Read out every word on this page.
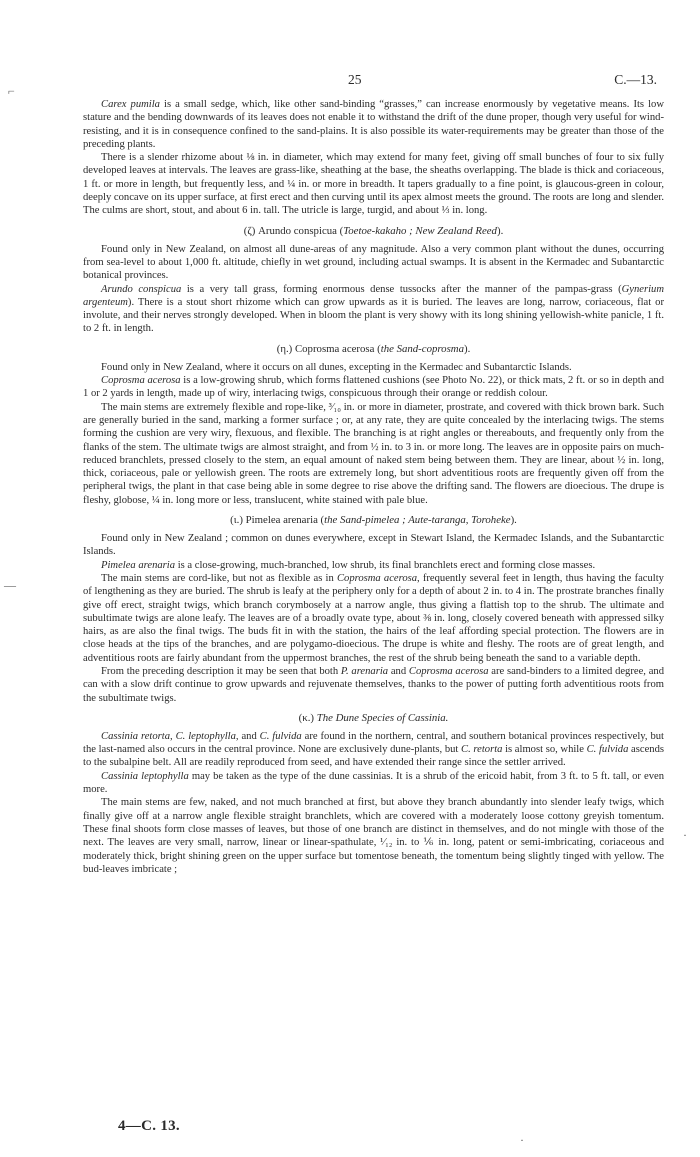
⌐
—
·
·
25	C.—13.

Carex pumila is a small sedge, which, like other sand-binding “grasses,” can increase enormously by vegetative means. Its low stature and the bending downwards of its leaves does not enable it to withstand the drift of the dune proper, though very useful for wind-resisting, and it is in consequence confined to the sand-plains. It is also possible its water-requirements may be greater than those of the preceding plants.

There is a slender rhizome about ⅛ in. in diameter, which may extend for many feet, giving off small bunches of four to six fully developed leaves at intervals. The leaves are grass-like, sheathing at the base, the sheaths overlapping. The blade is thick and coriaceous, 1 ft. or more in length, but frequently less, and ¼ in. or more in breadth. It tapers gradually to a fine point, is glaucous-green in colour, deeply concave on its upper surface, at first erect and then curving until its apex almost meets the ground. The roots are long and slender. The culms are short, stout, and about 6 in. tall. The utricle is large, turgid, and about ⅓ in. long.

(ζ) Arundo conspicua (Toetoe-kakaho ; New Zealand Reed).

Found only in New Zealand, on almost all dune-areas of any magnitude. Also a very common plant without the dunes, occurring from sea-level to about 1,000 ft. altitude, chiefly in wet ground, including actual swamps. It is absent in the Kermadec and Subantarctic botanical provinces.

Arundo conspicua is a very tall grass, forming enormous dense tussocks after the manner of the pampas-grass (Gynerium argenteum). There is a stout short rhizome which can grow upwards as it is buried. The leaves are long, narrow, coriaceous, flat or involute, and their nerves strongly developed. When in bloom the plant is very showy with its long shining yellowish-white panicle, 1 ft. to 2 ft. in length.

(η.) Coprosma acerosa (the Sand-coprosma).

Found only in New Zealand, where it occurs on all dunes, excepting in the Kermadec and Subantarctic Islands.

Coprosma acerosa is a low-growing shrub, which forms flattened cushions (see Photo No. 22), or thick mats, 2 ft. or so in depth and 1 or 2 yards in length, made up of wiry, interlacing twigs, conspicuous through their orange or reddish colour.

The main stems are extremely flexible and rope-like, ³⁄₁₀ in. or more in diameter, prostrate, and covered with thick brown bark. Such are generally buried in the sand, marking a former surface ; or, at any rate, they are quite concealed by the interlacing twigs. The stems forming the cushion are very wiry, flexuous, and flexible. The branching is at right angles or thereabouts, and frequently only from the flanks of the stem. The ultimate twigs are almost straight, and from ½ in. to 3 in. or more long. The leaves are in opposite pairs on much-reduced branchlets, pressed closely to the stem, an equal amount of naked stem being between them. They are linear, about ½ in. long, thick, coriaceous, pale or yellowish green. The roots are extremely long, but short adventitious roots are frequently given off from the peripheral twigs, the plant in that case being able in some degree to rise above the drifting sand. The flowers are dioecious. The drupe is fleshy, globose, ¼ in. long more or less, translucent, white stained with pale blue.

(ι.) Pimelea arenaria (the Sand-pimelea ; Aute-taranga, Toroheke).

Found only in New Zealand ; common on dunes everywhere, except in Stewart Island, the Kermadec Islands, and the Subantarctic Islands.

Pimelea arenaria is a close-growing, much-branched, low shrub, its final branchlets erect and forming close masses.

The main stems are cord-like, but not as flexible as in Coprosma acerosa, frequently several feet in length, thus having the faculty of lengthening as they are buried. The shrub is leafy at the periphery only for a depth of about 2 in. to 4 in. The prostrate branches finally give off erect, straight twigs, which branch corymbosely at a narrow angle, thus giving a flattish top to the shrub. The ultimate and subultimate twigs are alone leafy. The leaves are of a broadly ovate type, about ⅜ in. long, closely covered beneath with appressed silky hairs, as are also the final twigs. The buds fit in with the station, the hairs of the leaf affording special protection. The flowers are in close heads at the tips of the branches, and are polygamo-dioecious. The drupe is white and fleshy. The roots are of great length, and adventitious roots are fairly abundant from the uppermost branches, the rest of the shrub being beneath the sand to a variable depth.

From the preceding description it may be seen that both P. arenaria and Coprosma acerosa are sand-binders to a limited degree, and can with a slow drift continue to grow upwards and rejuvenate themselves, thanks to the power of putting forth adventitious roots from the subultimate twigs.

(κ.) The Dune Species of Cassinia.

Cassinia retorta, C. leptophylla, and C. fulvida are found in the northern, central, and southern botanical provinces respectively, but the last-named also occurs in the central province. None are exclusively dune-plants, but C. retorta is almost so, while C. fulvida ascends to the subalpine belt. All are readily reproduced from seed, and have extended their range since the settler arrived.

Cassinia leptophylla may be taken as the type of the dune cassinias. It is a shrub of the ericoid habit, from 3 ft. to 5 ft. tall, or even more.

The main stems are few, naked, and not much branched at first, but above they branch abundantly into slender leafy twigs, which finally give off at a narrow angle flexible straight branchlets, which are covered with a moderately loose cottony greyish tomentum. These final shoots form close masses of leaves, but those of one branch are distinct in themselves, and do not mingle with those of the next. The leaves are very small, narrow, linear or linear-spathulate, ¹⁄₁₂ in. to ⅙ in. long, patent or semi-imbricating, coriaceous and moderately thick, bright shining green on the upper surface but tomentose beneath, the tomentum being slightly tinged with yellow. The bud-leaves imbricate ;

4—C. 13.
